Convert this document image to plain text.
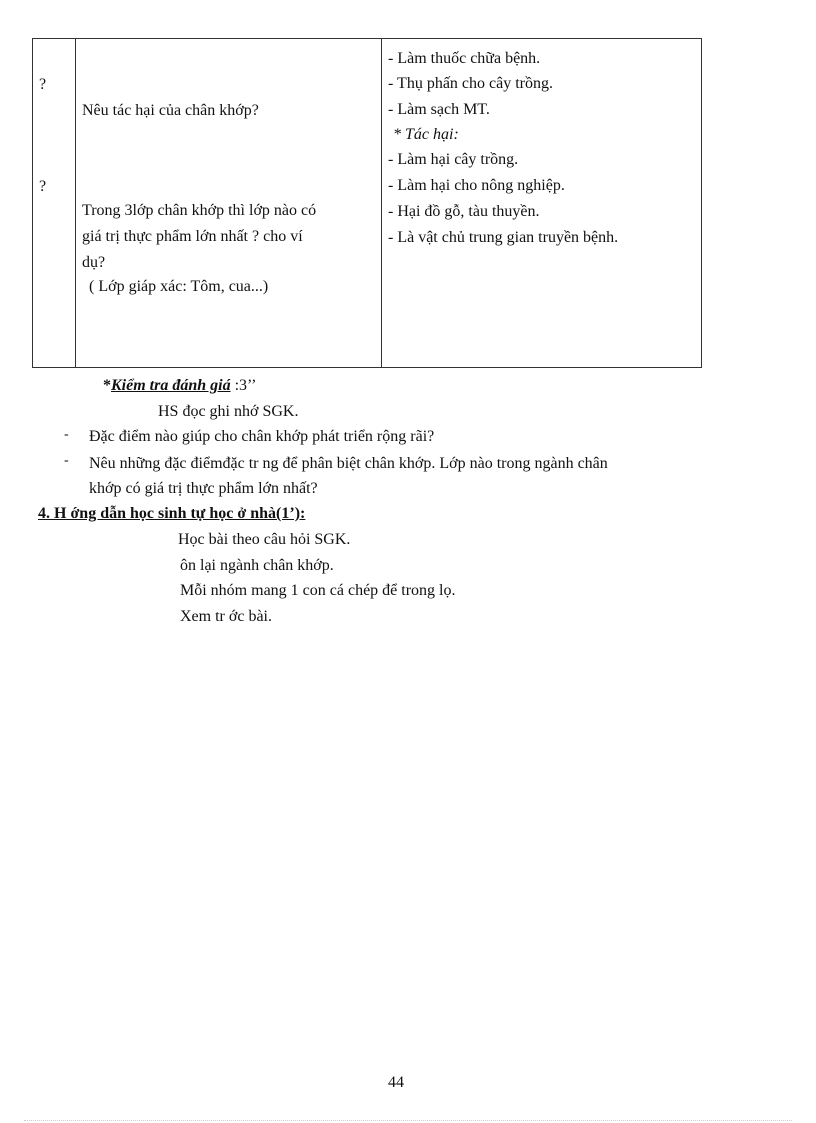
?
?
Nêu tác hại của chân khớp?
Trong 3lớp chân khớp thì lớp nào có
giá trị thực phẩm lớn nhất ? cho ví
dụ?
( Lớp giáp xác: Tôm, cua...)
- Làm thuốc chữa bệnh.
- Thụ phấn cho cây trồng.
- Làm sạch MT.
* Tác hại:
- Làm hại cây trồng.
- Làm hại cho nông nghiệp.
- Hại đồ gỗ, tàu thuyền.
- Là vật chủ trung gian truyền bệnh.
*Kiểm tra đánh giá :3’’
HS đọc ghi nhớ SGK.
- Đặc điểm nào giúp cho chân khớp phát triển rộng rãi?
- Nêu những đặc điểmđặc tr ng để phân biệt chân khớp. Lớp nào trong ngành chân
khớp có giá trị thực phẩm lớn nhất?
4. H ớng dẫn học sinh tự học ở nhà(1’):
Học bài theo câu hỏi SGK.
ôn lại ngành chân khớp.
Mỗi nhóm mang 1 con cá chép để trong lọ.
Xem tr ớc bài.
44
